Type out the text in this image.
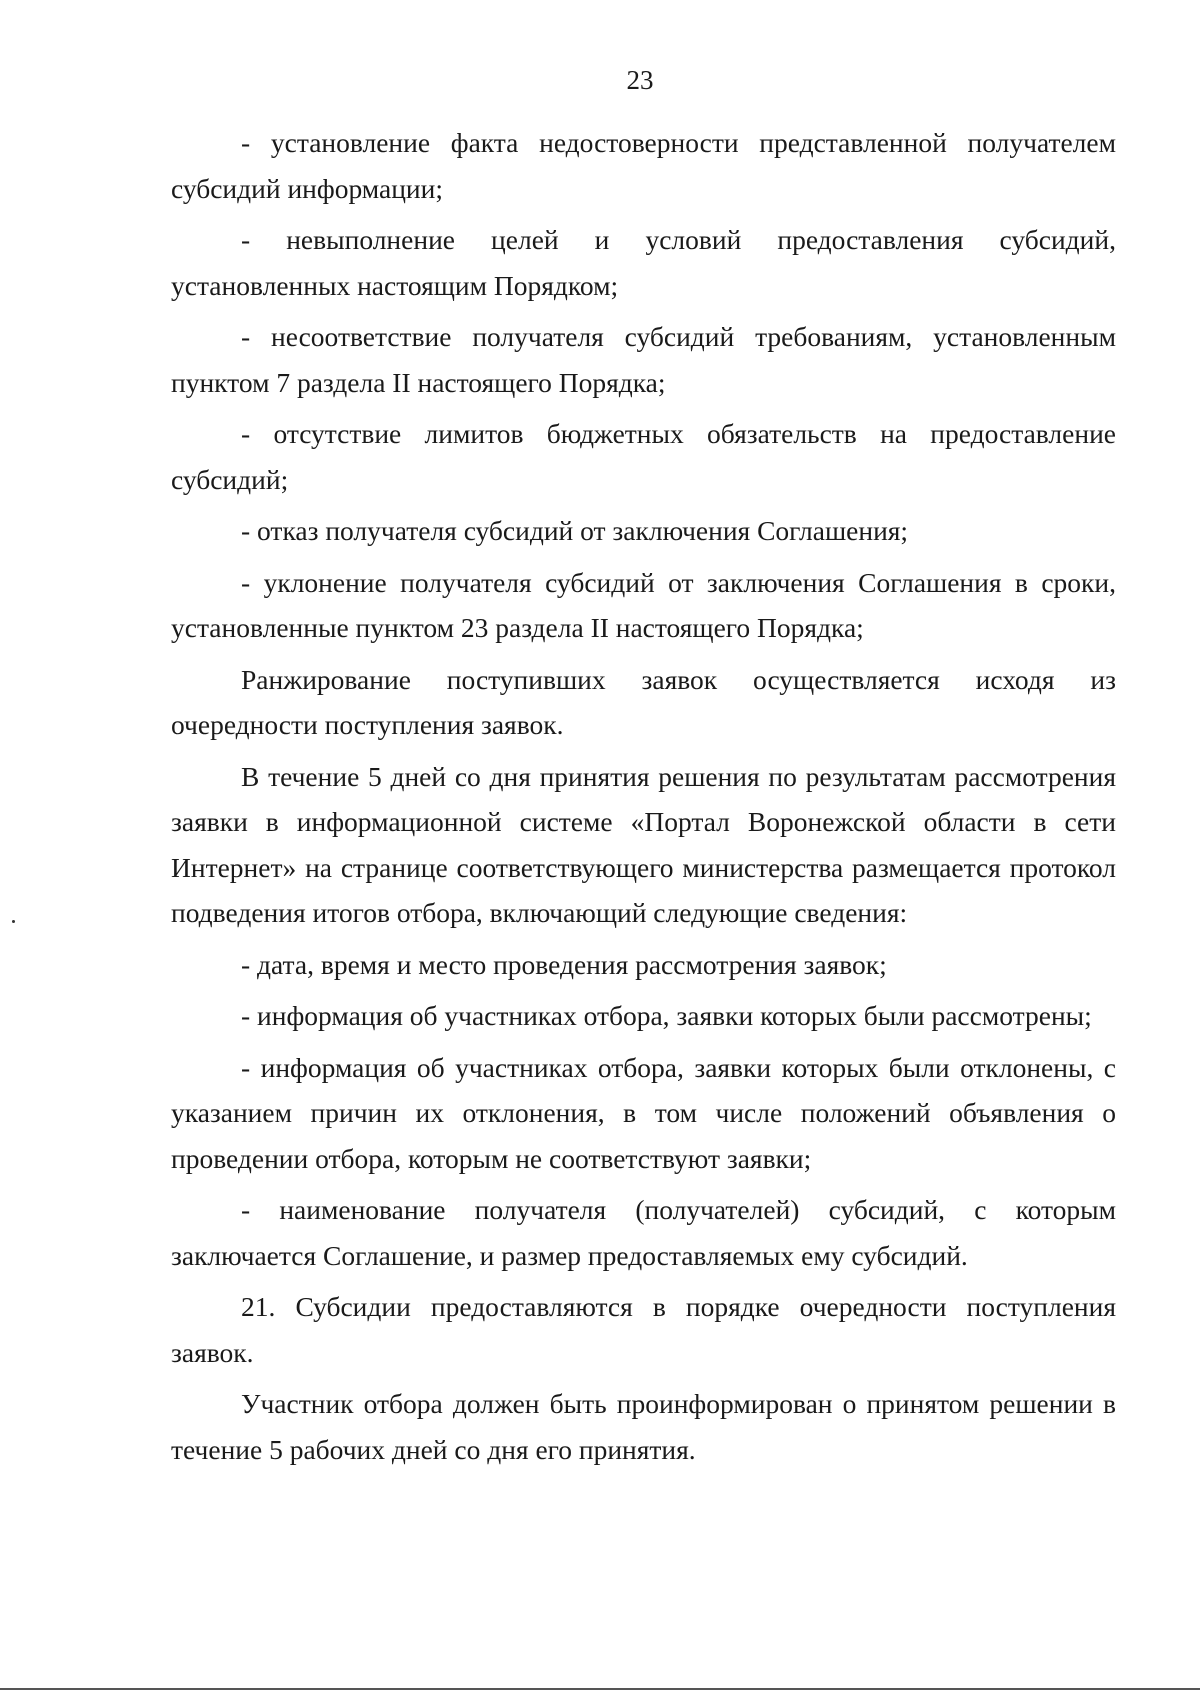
23

- установление факта недостоверности представленной получателем субсидий информации;

- невыполнение целей и условий предоставления субсидий, установленных настоящим Порядком;

- несоответствие получателя субсидий требованиям, установленным пунктом 7 раздела II настоящего Порядка;

- отсутствие лимитов бюджетных обязательств на предоставление субсидий;

- отказ получателя субсидий от заключения Соглашения;

- уклонение получателя субсидий от заключения Соглашения в сроки, установленные пунктом 23 раздела II настоящего Порядка;

Ранжирование поступивших заявок осуществляется исходя из очередности поступления заявок.

В течение 5 дней со дня принятия решения по результатам рассмотрения заявки в информационной системе «Портал Воронежской области в сети Интернет» на странице соответствующего министерства размещается протокол подведения итогов отбора, включающий следующие сведения:

- дата, время и место проведения рассмотрения заявок;

- информация об участниках отбора, заявки которых были рассмотрены;

- информация об участниках отбора, заявки которых были отклонены, с указанием причин их отклонения, в том числе положений объявления о проведении отбора, которым не соответствуют заявки;

- наименование получателя (получателей) субсидий, с которым заключается Соглашение, и размер предоставляемых ему субсидий.

21. Субсидии предоставляются в порядке очередности поступления заявок.

Участник отбора должен быть проинформирован о принятом решении в течение 5 рабочих дней со дня его принятия.
